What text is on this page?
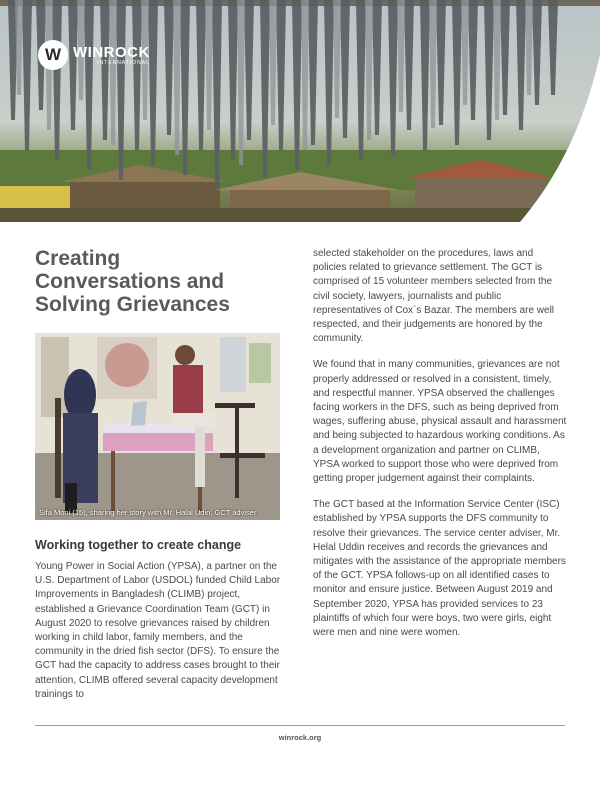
W WINROCK
INTERNATIONAL
Creating
Conversations and
Solving Grievances
Sifa Moni (15), sharing her story with Mr. Halal Udin, GCT adviser
Working together to create change

Young Power in Social Action (YPSA), a partner on the U.S. Department of Labor (USDOL) funded Child Labor Improvements in Bangladesh (CLIMB) project, established a Grievance Coordination Team (GCT) in August 2020 to resolve grievances raised by children working in child labor, family members, and the community in the dried fish sector (DFS). To ensure the GCT had the capacity to address cases brought to their attention, CLIMB offered several capacity development trainings to

selected stakeholder on the procedures, laws and policies related to grievance settlement. The GCT is comprised of 15 volunteer members selected from the civil society, lawyers, journalists and public representatives of Cox`s Bazar. The members are well respected, and their judgements are honored by the community.

We found that in many communities, grievances are not properly addressed or resolved in a consistent, timely, and respectful manner. YPSA observed the challenges facing workers in the DFS, such as being deprived from wages, suffering abuse, physical assault and harassment and being subjected to hazardous working conditions. As a development organization and partner on CLIMB, YPSA worked to support those who were deprived from getting proper judgement against their complaints.

The GCT based at the Information Service Center (ISC) established by YPSA supports the DFS community to resolve their grievances. The service center adviser, Mr. Helal Uddin receives and records the grievances and mitigates with the assistance of the appropriate members of the GCT. YPSA follows-up on all identified cases to monitor and ensure justice. Between August 2019 and September 2020, YPSA has provided services to 23 plaintiffs of which four were boys, two were girls, eight were men and nine were women.

winrock.org
